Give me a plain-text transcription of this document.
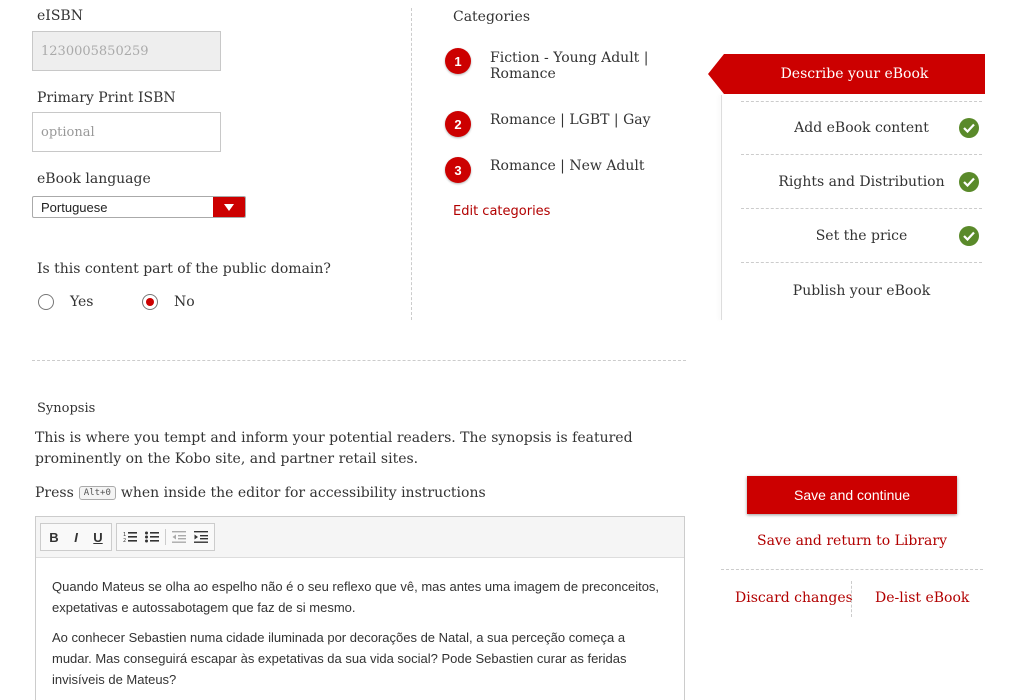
eISBN
1230005850259
Primary Print ISBN
optional
eBook language
Portuguese
Is this content part of the public domain?
Yes	No
Categories
1	Fiction - Young Adult |
Romance
2	Romance | LGBT | Gay
3	Romance | New Adult
Edit categories
Describe your eBook
Add eBook content
Rights and Distribution
Set the price
Publish your eBook
Synopsis
This is where you tempt and inform your potential readers. The synopsis is featured prominently on the Kobo site, and partner retail sites.
Press	Alt+0 when inside the editor for accessibility instructions
B	I	U	1
2

Quando Mateus se olha ao espelho não é o seu reflexo que vê, mas antes uma imagem de preconceitos, expetativas e autossabotagem que faz de si mesmo.

Ao conhecer Sebastien numa cidade iluminada por decorações de Natal, a sua perceção começa a mudar. Mas conseguirá escapar às expetativas da sua vida social? Pode Sebastien curar as feridas invisíveis de Mateus?

Save and continue
Save and return to Library
Discard changes De-list eBook
